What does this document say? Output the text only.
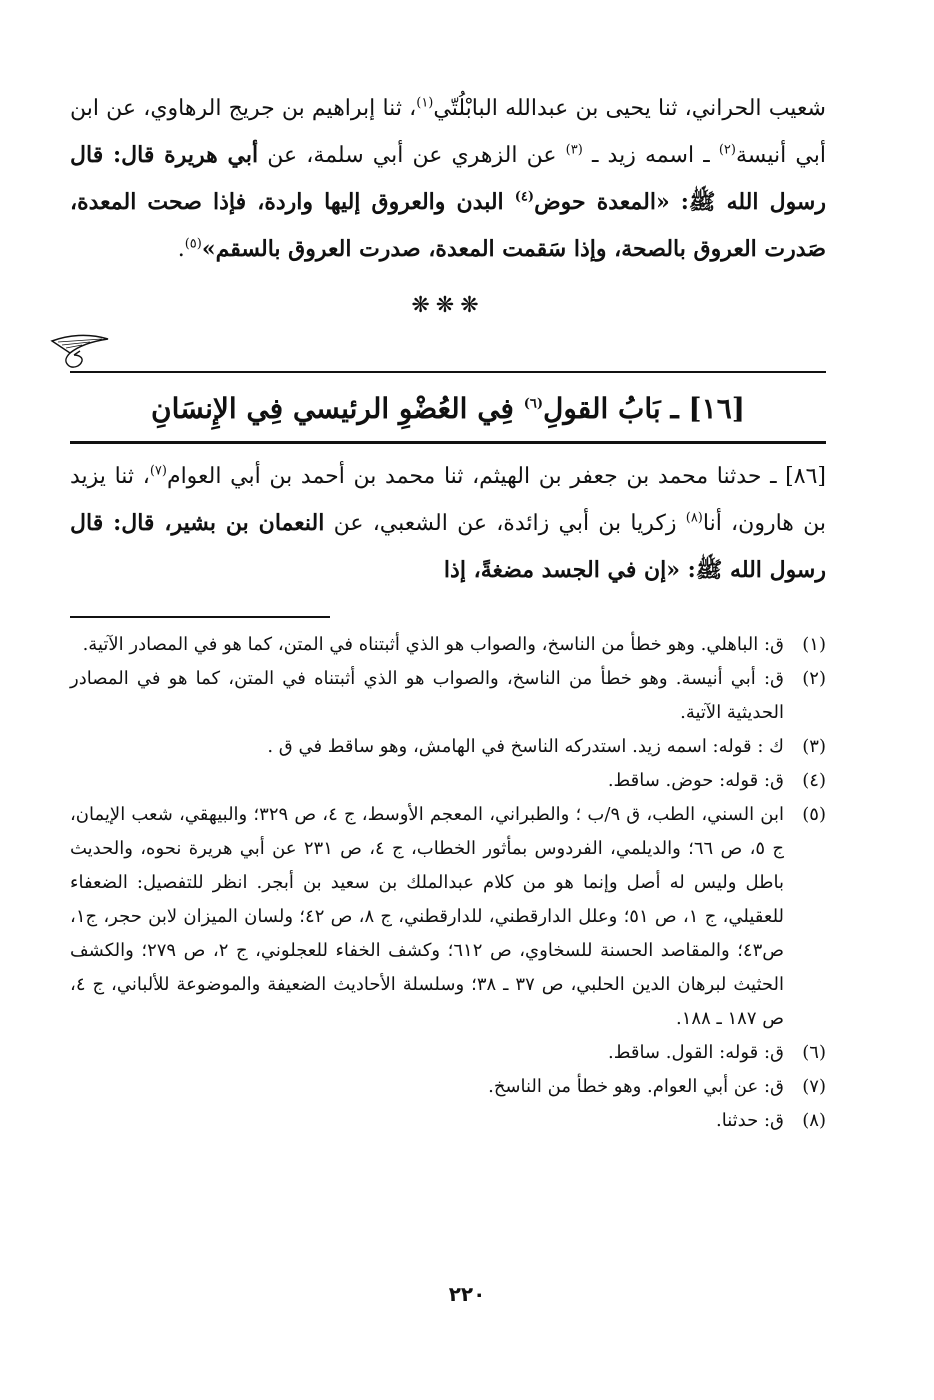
شعيب الحراني، ثنا يحيى بن عبدالله البابْلُتّي$^{(١)}$، ثنا إبراهيم بن جريج الرهاوي، عن ابن أبي أنيسة$^{(٢)}$ ـ اسمه زيد ـ $^{(٣)}$ عن الزهري عن أبي سلمة، عن أبي هريرة قال: قال رسول الله ﷺ: «المعدة حوض$^{(٤)}$ البدن والعروق إليها واردة، فإذا صحت المعدة، صَدرت العروق بالصحة، وإذا سَقمت المعدة، صدرت العروق بالسقم»$^{(٥)}$.

❋❋❋
[١٦] ـ بَابُ القولِ$^{(٦)}$ فِي العُضْوِ الرئيسي فِي الإِنسَانِ

[٨٦] ـ حدثنا محمد بن جعفر بن الهيثم، ثنا محمد بن أحمد بن أبي العوام$^{(٧)}$، ثنا يزيد بن هارون، أنا$^{(٨)}$ زكريا بن أبي زائدة، عن الشعبي، عن النعمان بن بشير، قال: قال رسول الله ﷺ: «إن في الجسد مضغةً، إذا

(١)
ق: الباهلي. وهو خطأ من الناسخ، والصواب هو الذي أثبتناه في المتن، كما هو في المصادر الآتية.
(٢)
ق: أبي أنيسة. وهو خطأ من الناسخ، والصواب هو الذي أثبتناه في المتن، كما هو في المصادر الحديثية الآتية.
(٣)
ك : قوله: اسمه زيد. استدركه الناسخ في الهامش، وهو ساقط في ق .
(٤)
ق: قوله: حوض. ساقط.
(٥)
ابن السني، الطب، ق ٩/ب ؛ والطبراني، المعجم الأوسط، ج ٤، ص ٣٢٩؛ والبيهقي، شعب الإيمان، ج ٥، ص ٦٦؛ والديلمي، الفردوس بمأثور الخطاب، ج ٤، ص ٢٣١ عن أبي هريرة نحوه، والحديث باطل وليس له أصل وإنما هو من كلام عبدالملك بن سعيد بن أبجر. انظر للتفصيل: الضعفاء للعقيلي، ج ١، ص ٥١؛ وعلل الدارقطني، للدارقطني، ج ٨، ص ٤٢؛ ولسان الميزان لابن حجر، ج١، ص٤٣؛ والمقاصد الحسنة للسخاوي، ص ٦١٢؛ وكشف الخفاء للعجلوني، ج ٢، ص ٢٧٩؛ والكشف الحثيث لبرهان الدين الحلبي، ص ٣٧ ـ ٣٨؛ وسلسلة الأحاديث الضعيفة والموضوعة للألباني، ج ٤، ص ١٨٧ ـ ١٨٨.
(٦)
ق: قوله: القول. ساقط.
(٧)
ق: عن أبي العوام. وهو خطأ من الناسخ.
(٨)
ق: حدثنا.
٢٢٠
